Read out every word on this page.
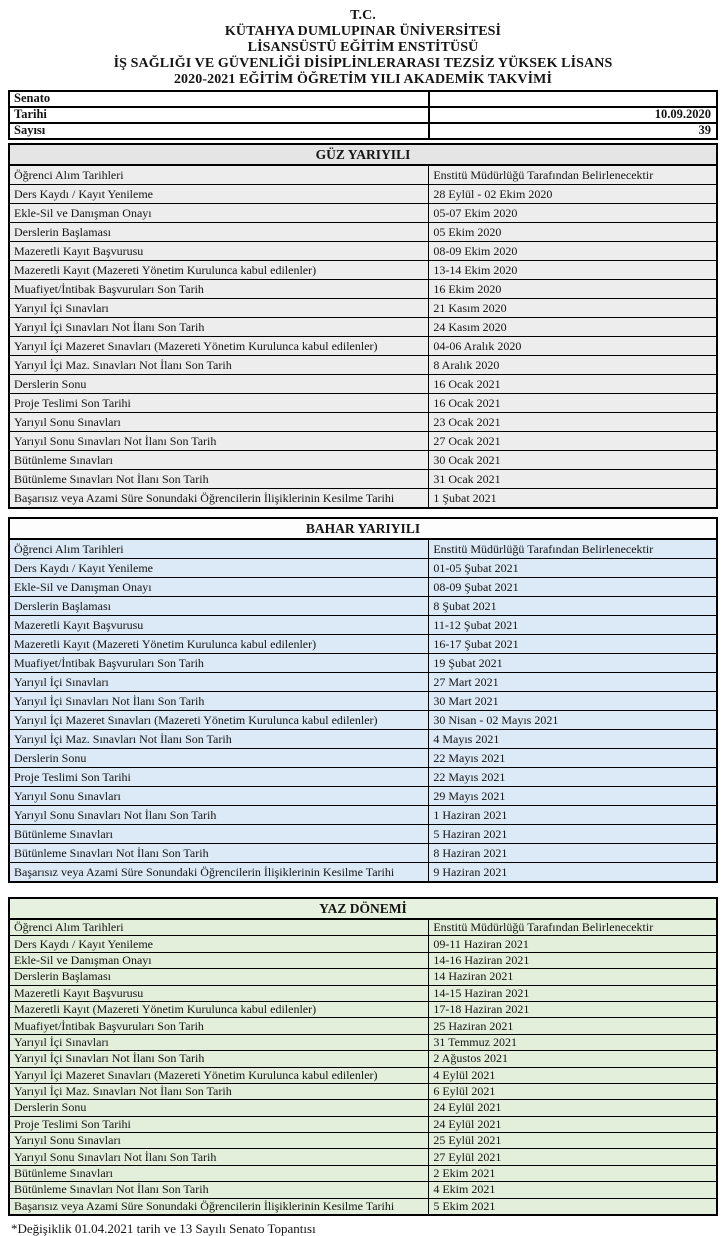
T.C.
KÜTAHYA DUMLUPINAR ÜNİVERSİTESİ
LİSANSÜSTÜ EĞİTİM ENSTİTÜSÜ
İŞ SAĞLIĞI VE GÜVENLİĞİ DİSİPLİNLERARASI TEZSİZ YÜKSEK LİSANS
2020-2021 EĞİTİM ÖĞRETİM YILI AKADEMİK TAKVİMİ
Senato	
Tarihi	10.09.2020
Sayısı	39
GÜZ YARIYILI	
Öğrenci Alım Tarihleri	Enstitü Müdürlüğü Tarafından Belirlenecektir
Ders Kaydı / Kayıt Yenileme	28 Eylül - 02 Ekim 2020
Ekle-Sil ve Danışman Onayı	05-07 Ekim 2020
Derslerin Başlaması	05 Ekim 2020
Mazeretli Kayıt Başvurusu	08-09 Ekim 2020
Mazeretli Kayıt (Mazereti Yönetim Kurulunca kabul edilenler)	13-14 Ekim 2020
Muafiyet/İntibak Başvuruları Son Tarih	16 Ekim 2020
Yarıyıl İçi Sınavları	21 Kasım 2020
Yarıyıl İçi Sınavları Not İlanı Son Tarih	24 Kasım 2020
Yarıyıl İçi Mazeret Sınavları (Mazereti Yönetim Kurulunca kabul edilenler)	04-06 Aralık 2020
Yarıyıl İçi Maz. Sınavları Not İlanı Son Tarih	8 Aralık 2020
Derslerin Sonu	16 Ocak 2021
Proje Teslimi Son Tarihi	16 Ocak 2021
Yarıyıl Sonu Sınavları	23 Ocak 2021
Yarıyıl Sonu Sınavları Not İlanı Son Tarih	27 Ocak 2021
Bütünleme Sınavları	30 Ocak 2021
Bütünleme Sınavları Not İlanı Son Tarih	31 Ocak 2021
Başarısız veya Azami Süre Sonundaki Öğrencilerin İlişiklerinin Kesilme Tarihi	1 Şubat 2021
BAHAR YARIYILI	
Öğrenci Alım Tarihleri	Enstitü Müdürlüğü Tarafından Belirlenecektir
Ders Kaydı / Kayıt Yenileme	01-05 Şubat 2021
Ekle-Sil ve Danışman Onayı	08-09 Şubat 2021
Derslerin Başlaması	8 Şubat 2021
Mazeretli Kayıt Başvurusu	11-12 Şubat 2021
Mazeretli Kayıt (Mazereti Yönetim Kurulunca kabul edilenler)	16-17 Şubat 2021
Muafiyet/İntibak Başvuruları Son Tarih	19 Şubat 2021
Yarıyıl İçi Sınavları	27 Mart 2021
Yarıyıl İçi Sınavları Not İlanı Son Tarih	30 Mart 2021
Yarıyıl İçi Mazeret Sınavları (Mazereti Yönetim Kurulunca kabul edilenler)	30 Nisan - 02 Mayıs 2021
Yarıyıl İçi Maz. Sınavları Not İlanı Son Tarih	4 Mayıs 2021
Derslerin Sonu	22 Mayıs 2021
Proje Teslimi Son Tarihi	22 Mayıs 2021
Yarıyıl Sonu Sınavları	29 Mayıs 2021
Yarıyıl Sonu Sınavları Not İlanı Son Tarih	1 Haziran 2021
Bütünleme Sınavları	5 Haziran 2021
Bütünleme Sınavları Not İlanı Son Tarih	8 Haziran 2021
Başarısız veya Azami Süre Sonundaki Öğrencilerin İlişiklerinin Kesilme Tarihi	9 Haziran 2021
YAZ DÖNEMİ	
Öğrenci Alım Tarihleri	Enstitü Müdürlüğü Tarafından Belirlenecektir
Ders Kaydı / Kayıt Yenileme	09-11 Haziran 2021
Ekle-Sil ve Danışman Onayı	14-16 Haziran 2021
Derslerin Başlaması	14 Haziran 2021
Mazeretli Kayıt Başvurusu	14-15 Haziran 2021
Mazeretli Kayıt (Mazereti Yönetim Kurulunca kabul edilenler)	17-18 Haziran 2021
Muafiyet/İntibak Başvuruları Son Tarih	25 Haziran 2021
Yarıyıl İçi Sınavları	31 Temmuz 2021
Yarıyıl İçi Sınavları Not İlanı Son Tarih	2 Ağustos 2021
Yarıyıl İçi Mazeret Sınavları (Mazereti Yönetim Kurulunca kabul edilenler)	4 Eylül 2021
Yarıyıl İçi Maz. Sınavları Not İlanı Son Tarih	6 Eylül 2021
Derslerin Sonu	24 Eylül 2021
Proje Teslimi Son Tarihi	24 Eylül 2021
Yarıyıl Sonu Sınavları	25 Eylül 2021
Yarıyıl Sonu Sınavları Not İlanı Son Tarih	27 Eylül 2021
Bütünleme Sınavları	2 Ekim 2021
Bütünleme Sınavları Not İlanı Son Tarih	4 Ekim 2021
Başarısız veya Azami Süre Sonundaki Öğrencilerin İlişiklerinin Kesilme Tarihi	5 Ekim 2021
*Değişiklik 01.04.2021 tarih ve 13 Sayılı Senato Topantısı
